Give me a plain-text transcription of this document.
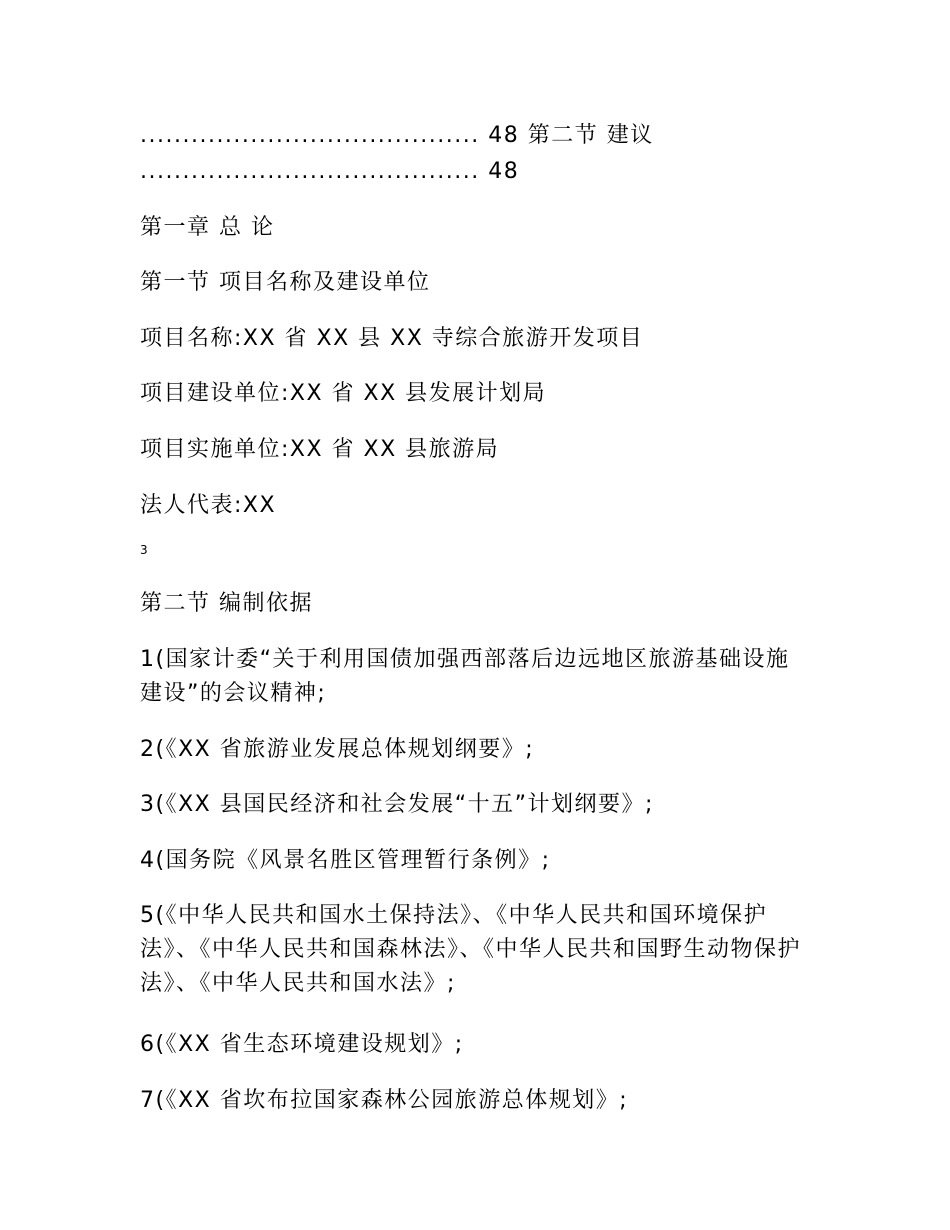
........................................ 48 第二节 建议
........................................ 48
第一章 总 论
第一节 项目名称及建设单位
项目名称:XX 省 XX 县 XX 寺综合旅游开发项目
项目建设单位:XX 省 XX 县发展计划局
项目实施单位:XX 省 XX 县旅游局
法人代表:XX
3
第二节 编制依据
1(国家计委“关于利用国债加强西部落后边远地区旅游基础设施建设”的会议精神;
2(《XX 省旅游业发展总体规划纲要》;
3(《XX 县国民经济和社会发展“十五”计划纲要》;
4(国务院《风景名胜区管理暂行条例》;
5(《中华人民共和国水土保持法》、《中华人民共和国环境保护法》、《中华人民共和国森林法》、《中华人民共和国野生动物保护法》、《中华人民共和国水法》;
6(《XX 省生态环境建设规划》;
7(《XX 省坎布拉国家森林公园旅游总体规划》;
